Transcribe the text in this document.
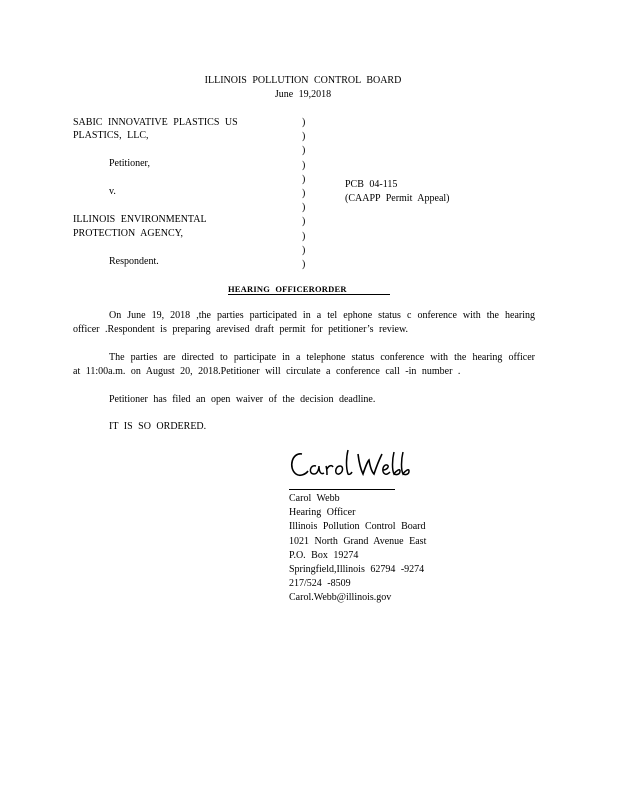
ILLINOIS POLLUTION CONTROL BOARD
June 19,2018
SABIC INNOVATIVE PLASTICS US
PLASTICS, LLC,
Petitioner,
v.
ILLINOIS ENVIRONMENTAL
PROTECTION AGENCY,
Respondent.
)
)
)
)
)
)
)
)
)
)
)
PCB 04-115
(CAAPP Permit Appeal)
HEARING OFFICERORDER
On June 19, 2018 ,the parties participated in a tel ephone status c onference with the hearing officer .Respondent is preparing arevised draft permit for petitioner’s review.
The parties are directed to participate in a telephone status conference with the hearing officer at 11:00a.m. on August 20, 2018.Petitioner will circulate a conference call -in number .
Petitioner has filed an open waiver of the decision deadline.
IT IS SO ORDERED.
Carol Webb
Hearing Officer
Illinois Pollution Control Board
1021 North Grand Avenue East
P.O. Box 19274
Springfield,Illinois 62794 -9274
217/524 -8509
Carol.Webb@illinois.gov
